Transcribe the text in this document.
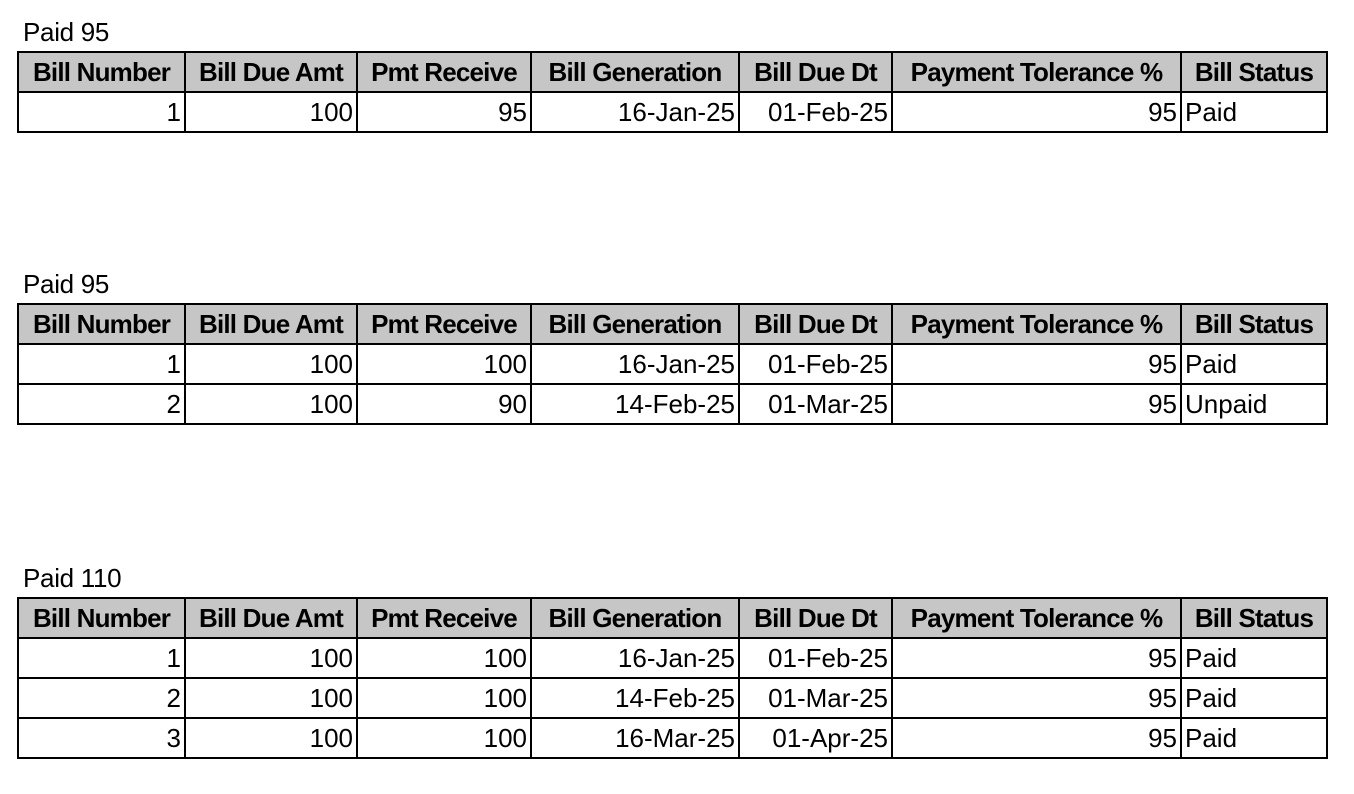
Paid 95
Bill Number	Bill Due Amt	Pmt Receive	Bill Generation	Bill Due Dt	Payment Tolerance %	Bill Status
1	100	95	16-Jan-25	01-Feb-25	95	Paid
Paid 95
Bill Number	Bill Due Amt	Pmt Receive	Bill Generation	Bill Due Dt	Payment Tolerance %	Bill Status
1	100	100	16-Jan-25	01-Feb-25	95	Paid
2	100	90	14-Feb-25	01-Mar-25	95	Unpaid
Paid 110
Bill Number	Bill Due Amt	Pmt Receive	Bill Generation	Bill Due Dt	Payment Tolerance %	Bill Status
1	100	100	16-Jan-25	01-Feb-25	95	Paid
2	100	100	14-Feb-25	01-Mar-25	95	Paid
3	100	100	16-Mar-25	01-Apr-25	95	Paid
